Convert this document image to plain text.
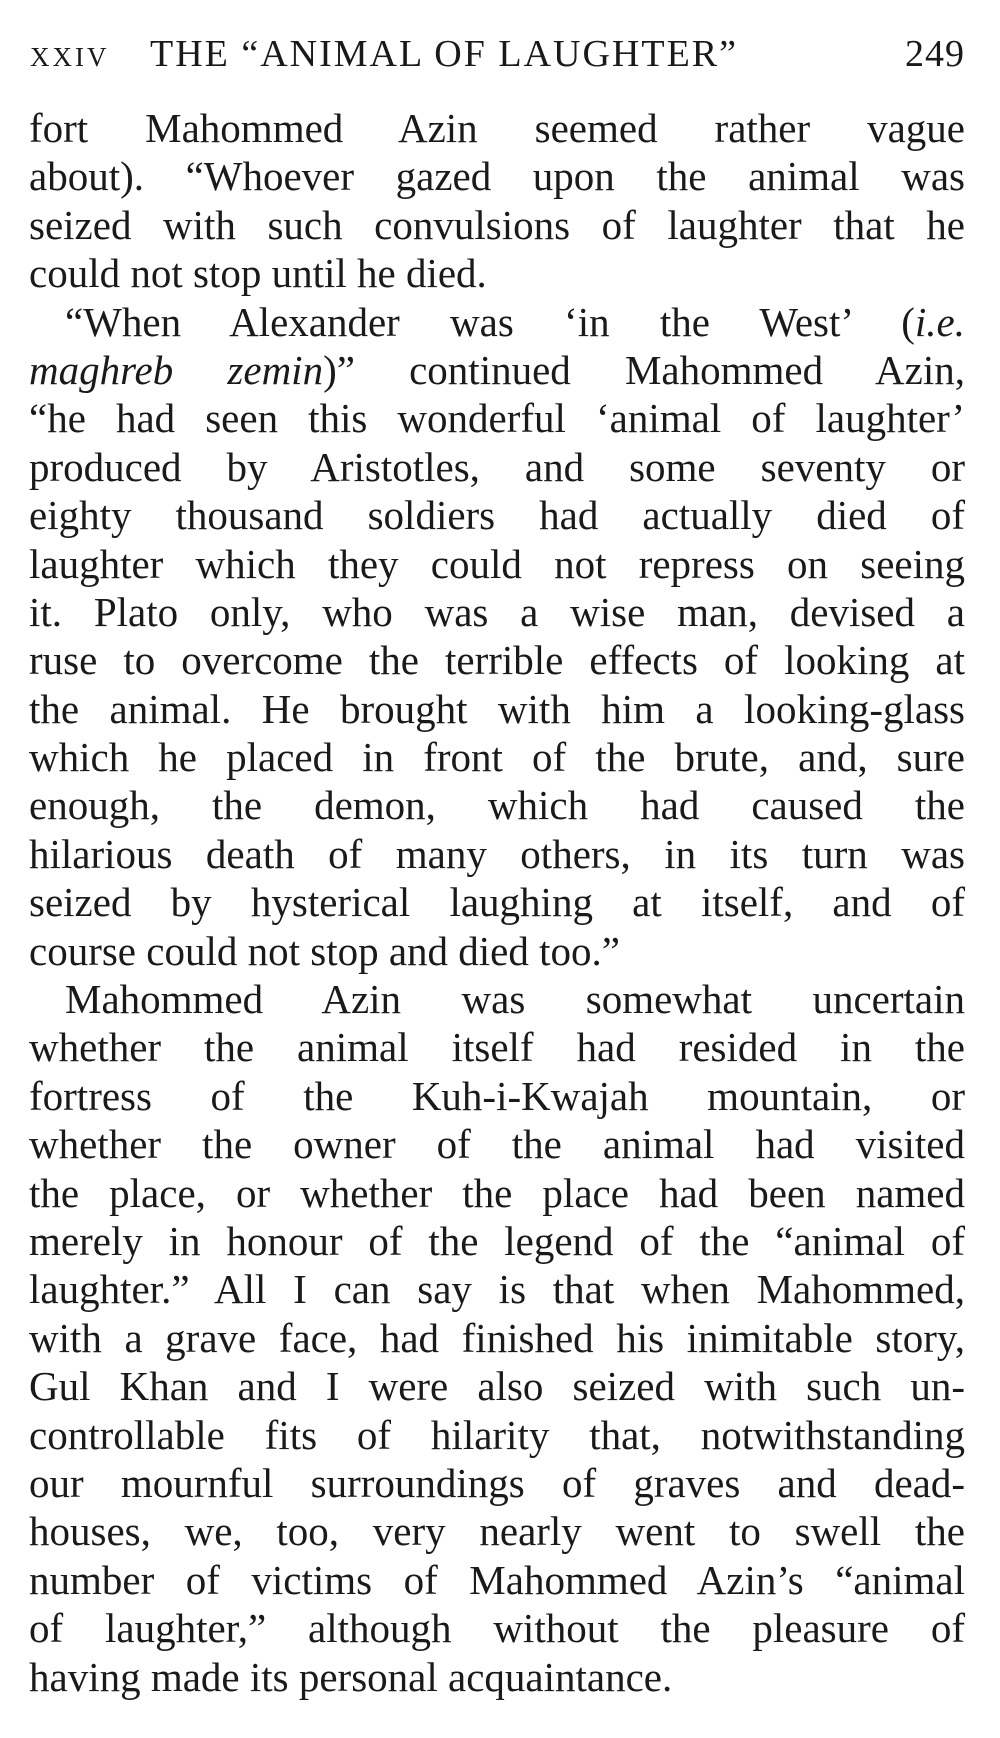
xxiv THE “ANIMAL OF LAUGHTER”	249
fort Mahommed Azin seemed rather vague
about). “Whoever gazed upon the animal was
seized with such convulsions of laughter that he
could not stop until he died.
“When Alexander was ‘in the West’ (i.e.
maghreb zemin)” continued Mahommed Azin,
“he had seen this wonderful ‘animal of laughter’
produced by Aristotles, and some seventy or
eighty thousand soldiers had actually died of
laughter which they could not repress on seeing
it. Plato only, who was a wise man, devised a
ruse to overcome the terrible effects of looking at
the animal. He brought with him a looking-glass
which he placed in front of the brute, and, sure
enough, the demon, which had caused the
hilarious death of many others, in its turn was
seized by hysterical laughing at itself, and of
course could not stop and died too.”
Mahommed Azin was somewhat uncertain
whether the animal itself had resided in the
fortress of the Kuh-i-Kwajah mountain, or
whether the owner of the animal had visited
the place, or whether the place had been named
merely in honour of the legend of the “animal of
laughter.” All I can say is that when Mahommed,
with a grave face, had finished his inimitable story,
Gul Khan and I were also seized with such un-
controllable fits of hilarity that, notwithstanding
our mournful surroundings of graves and dead-
houses, we, too, very nearly went to swell the
number of victims of Mahommed Azin’s “animal
of laughter,” although without the pleasure of
having made its personal acquaintance.
